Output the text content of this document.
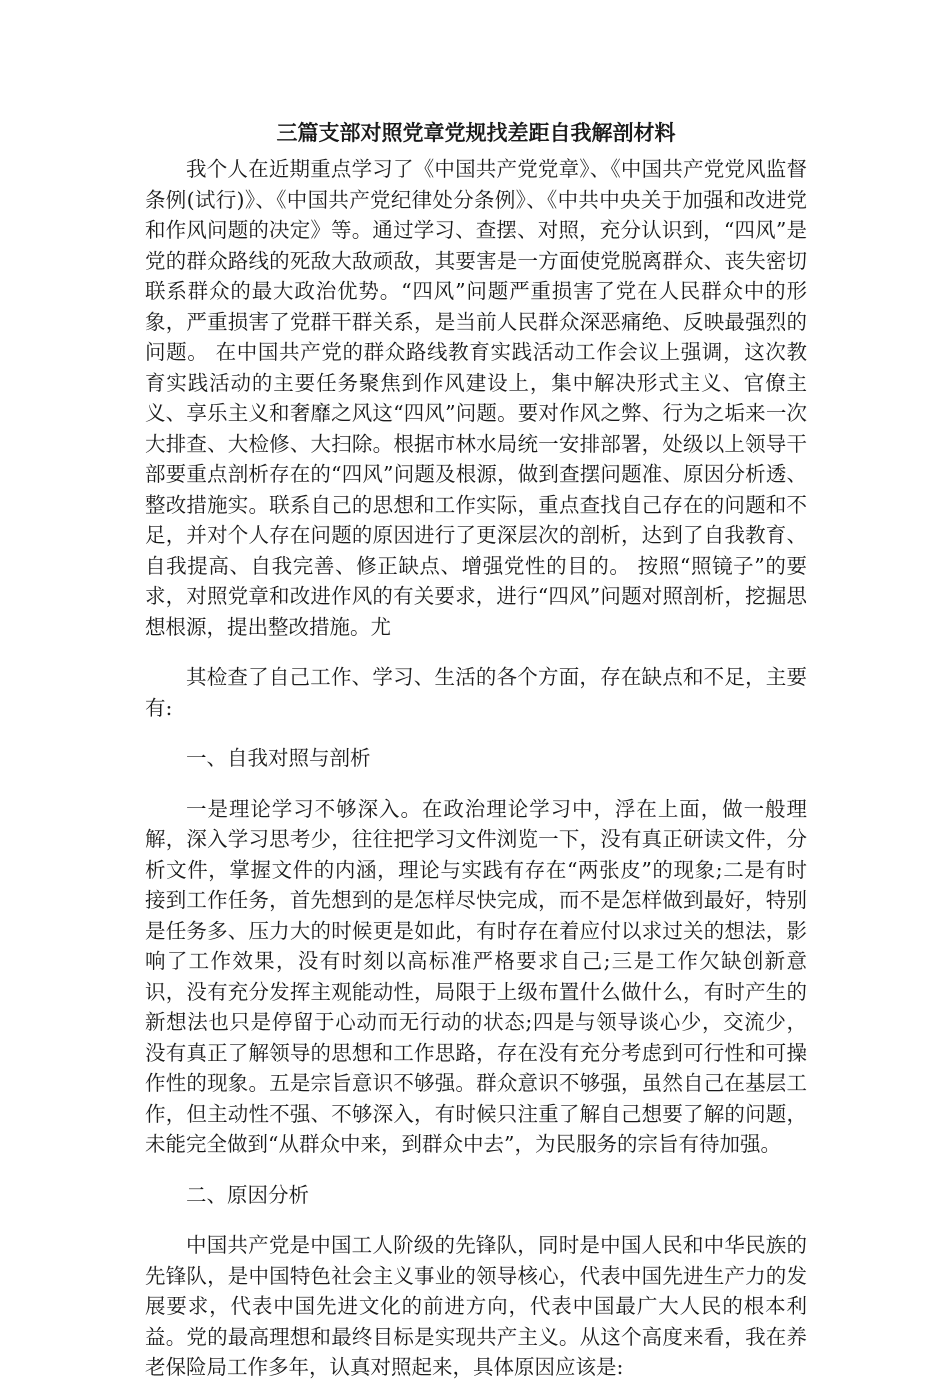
三篇支部对照党章党规找差距自我解剖材料

我个人在近期重点学习了《中国共产党党章》、《中国共产党党风监督条例(试行)》、《中国共产党纪律处分条例》、《中共中央关于加强和改进党和作风问题的决定》等。通过学习、查摆、对照，充分认识到，“四风”是党的群众路线的死敌大敌顽敌，其要害是一方面使党脱离群众、丧失密切联系群众的最大政治优势。“四风”问题严重损害了党在人民群众中的形象，严重损害了党群干群关系，是当前人民群众深恶痛绝、反映最强烈的问题。 在中国共产党的群众路线教育实践活动工作会议上强调，这次教育实践活动的主要任务聚焦到作风建设上，集中解决形式主义、官僚主义、享乐主义和奢靡之风这“四风”问题。要对作风之弊、行为之垢来一次大排查、大检修、大扫除。根据市林水局统一安排部署，处级以上领导干部要重点剖析存在的“四风”问题及根源，做到查摆问题准、原因分析透、整改措施实。联系自己的思想和工作实际，重点查找自己存在的问题和不足，并对个人存在问题的原因进行了更深层次的剖析，达到了自我教育、自我提高、自我完善、修正缺点、增强党性的目的。 按照“照镜子”的要求，对照党章和改进作风的有关要求，进行“四风”问题对照剖析，挖掘思想根源，提出整改措施。尤

其检查了自己工作、学习、生活的各个方面，存在缺点和不足，主要有:

一、自我对照与剖析

一是理论学习不够深入。在政治理论学习中，浮在上面，做一般理解，深入学习思考少，往往把学习文件浏览一下，没有真正研读文件，分析文件，掌握文件的内涵，理论与实践有存在“两张皮”的现象;二是有时接到工作任务，首先想到的是怎样尽快完成，而不是怎样做到最好，特别是任务多、压力大的时候更是如此，有时存在着应付以求过关的想法，影响了工作效果，没有时刻以高标准严格要求自己;三是工作欠缺创新意识，没有充分发挥主观能动性，局限于上级布置什么做什么，有时产生的新想法也只是停留于心动而无行动的状态;四是与领导谈心少，交流少，没有真正了解领导的思想和工作思路，存在没有充分考虑到可行性和可操作性的现象。五是宗旨意识不够强。群众意识不够强，虽然自己在基层工作，但主动性不强、不够深入，有时候只注重了解自己想要了解的问题，未能完全做到“从群众中来，到群众中去”，为民服务的宗旨有待加强。

二、原因分析

中国共产党是中国工人阶级的先锋队，同时是中国人民和中华民族的先锋队，是中国特色社会主义事业的领导核心，代表中国先进生产力的发展要求，代表中国先进文化的前进方向，代表中国最广大人民的根本利益。党的最高理想和最终目标是实现共产主义。从这个高度来看，我在养老保险局工作多年，认真对照起来，具体原因应该是:
